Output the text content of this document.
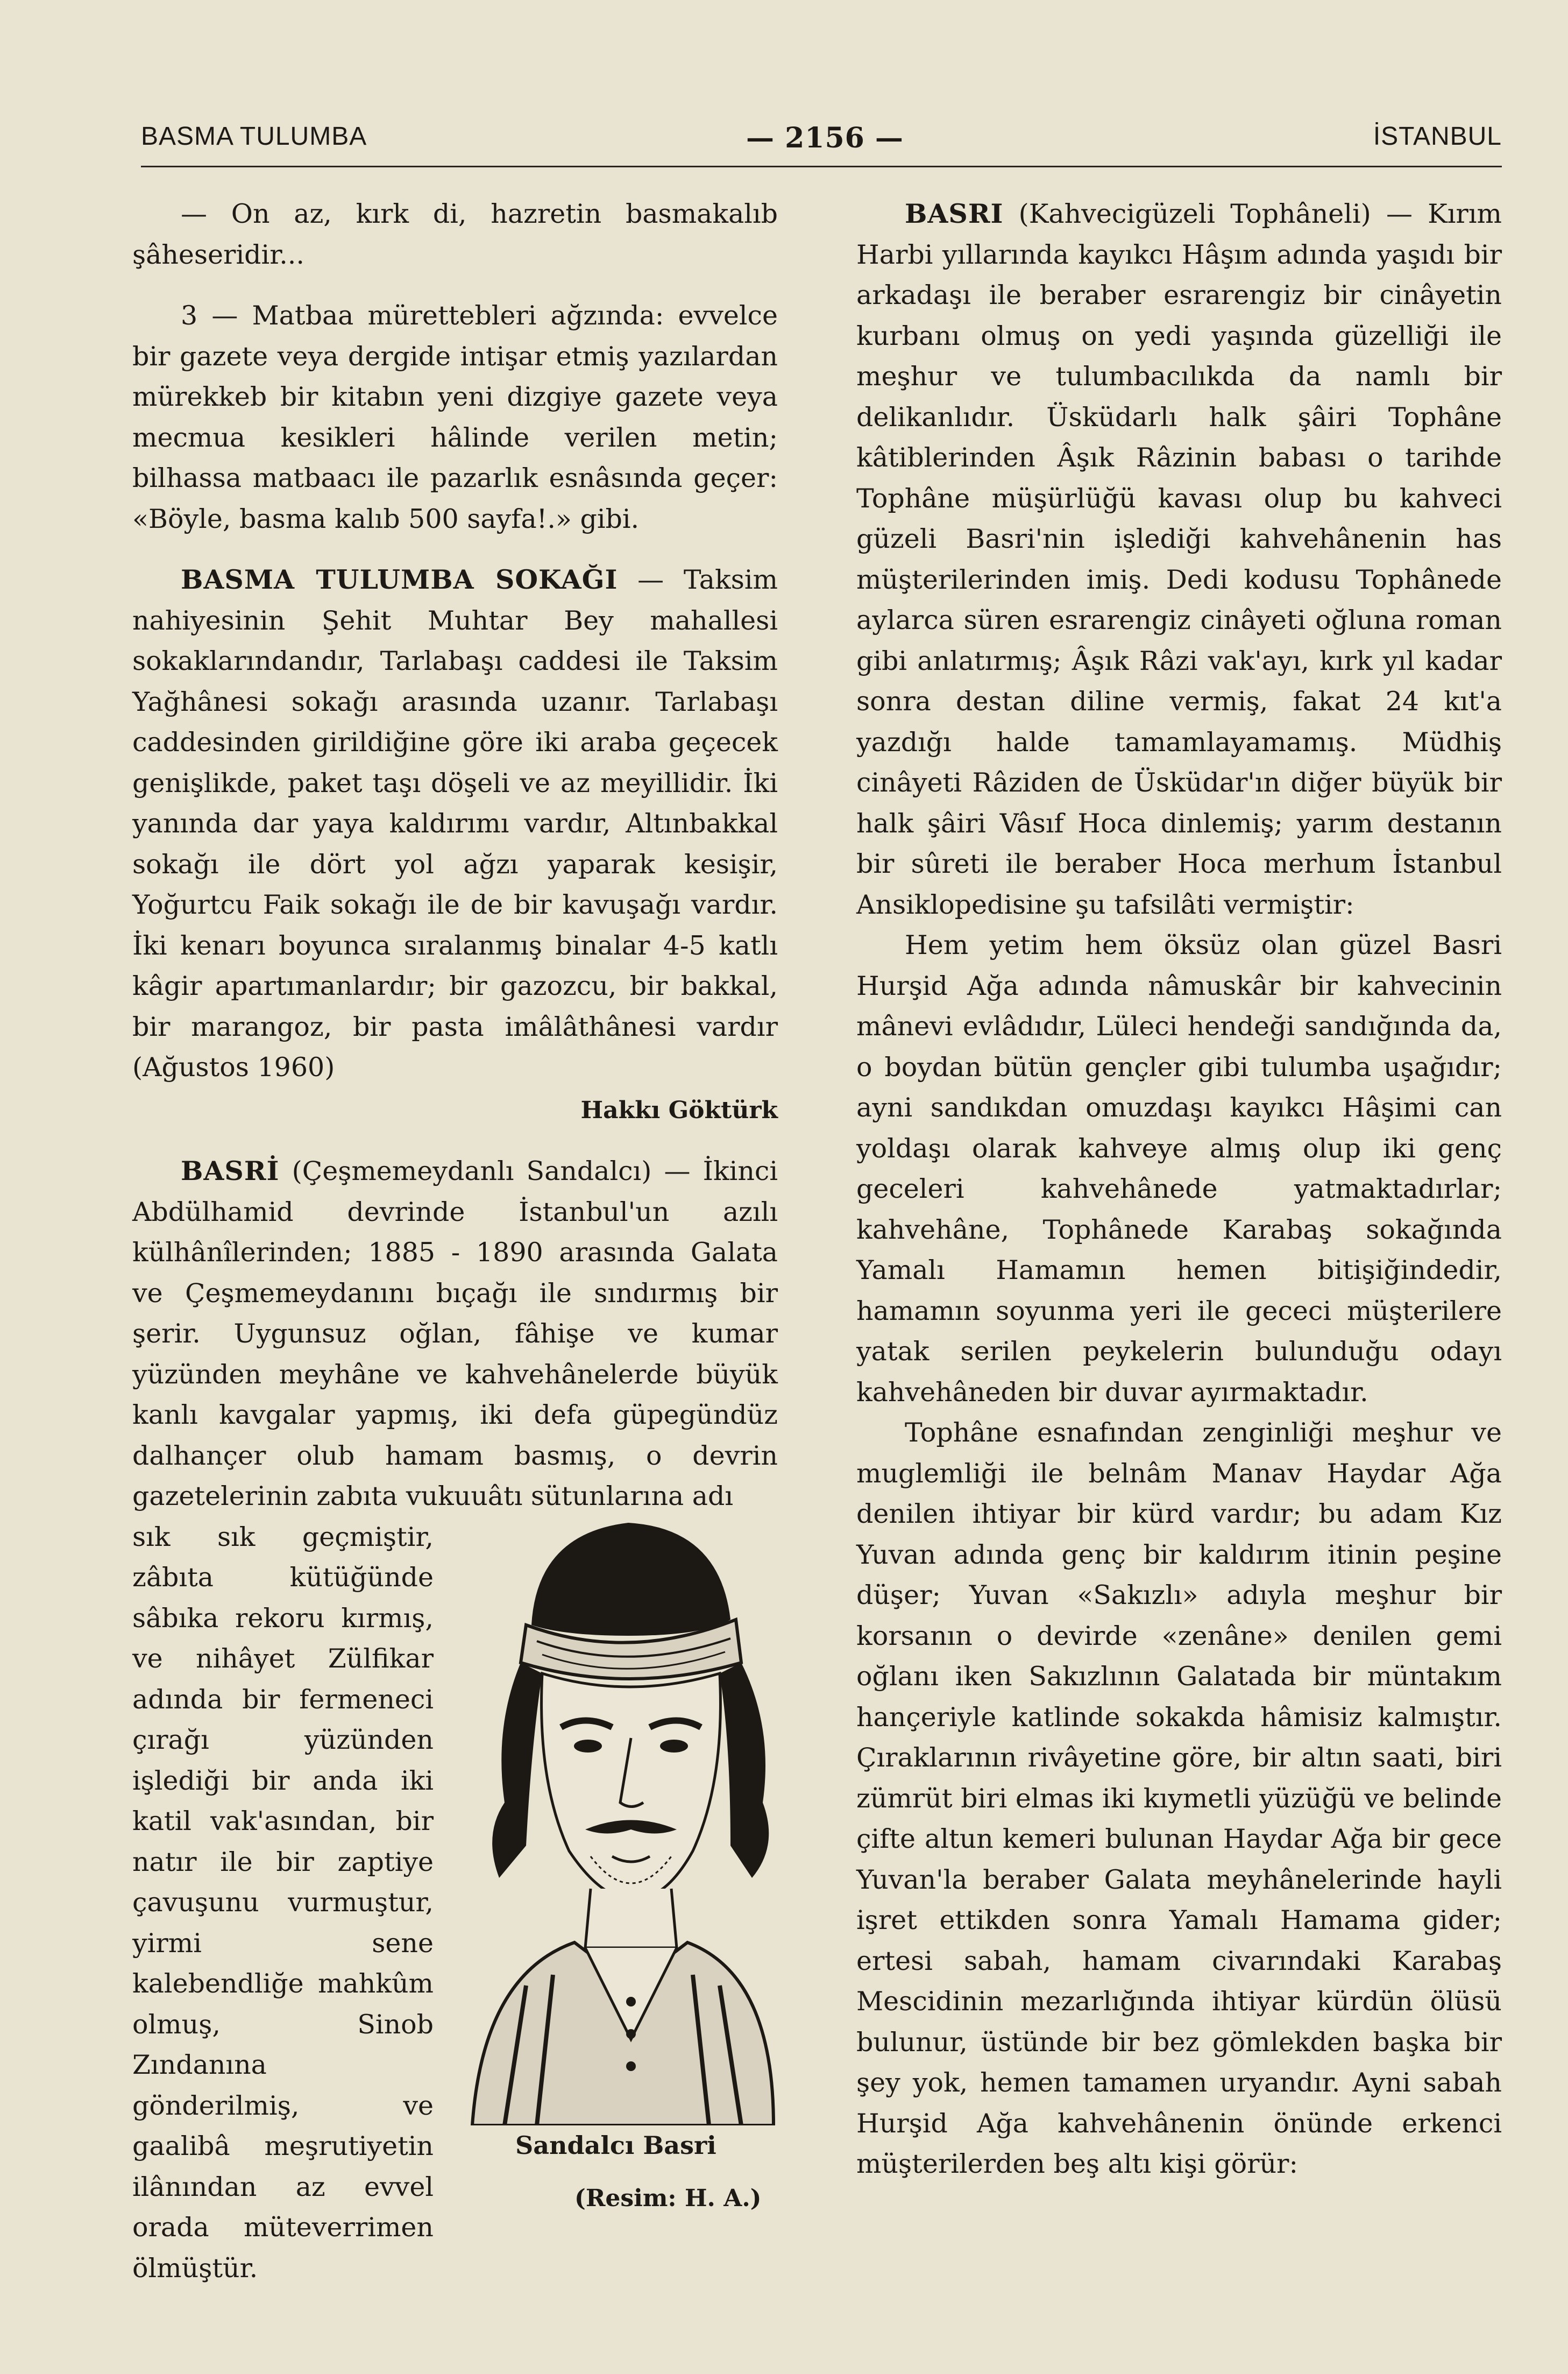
BASMA TULUMBA	— 2156 —	İSTANBUL

— On az, kırk di, hazretin basmakalıb şâheseridir...

3 — Matbaa mürettebleri ağzında: evvelce bir gazete veya dergide intişar etmiş yazılardan mürekkeb bir kitabın yeni dizgiye gazete veya mecmua kesikleri hâlinde verilen metin; bilhassa matbaacı ile pazarlık esnâsında geçer: «Böyle, basma kalıb 500 sayfa!.» gibi.

BASMA TULUMBA SOKAĞI — Taksim nahiyesinin Şehit Muhtar Bey mahallesi sokaklarındandır, Tarlabaşı caddesi ile Taksim Yağhânesi sokağı arasında uzanır. Tarlabaşı caddesinden girildiğine göre iki araba geçecek genişlikde, paket taşı döşeli ve az meyillidir. İki yanında dar yaya kaldırımı vardır, Altınbakkal sokağı ile dört yol ağzı yaparak kesişir, Yoğurtcu Faik sokağı ile de bir kavuşağı vardır. İki kenarı boyunca sıralanmış binalar 4-5 katlı kâgir apartımanlardır; bir gazozcu, bir bakkal, bir marangoz, bir pasta imâlâthânesi vardır (Ağustos 1960)

Hakkı Göktürk

BASRİ (Çeşmemeydanlı Sandalcı) — İkinci Abdülhamid devrinde İstanbul'un azılı külhânîlerinden; 1885 - 1890 arasında Galata ve Çeşmemeydanını bıçağı ile sındırmış bir şerir. Uygunsuz oğlan, fâhişe ve kumar yüzünden meyhâne ve kahvehânelerde büyük kanlı kavgalar yapmış, iki defa güpegündüz dalhançer olub hamam basmış, o devrin gazetelerinin zabıta vukuuâtı sütunlarına adı

sık sık geçmiştir, zâbıta kütüğünde sâbıka rekoru kırmış, ve nihâyet Zülfikar adında bir fermeneci çırağı yüzünden işlediği bir anda iki katil vak'asından, bir natır ile bir zaptiye çavuşunu vurmuştur, yirmi sene kalebendliğe mahkûm olmuş, Sinob Zındanına gönderilmiş, ve gaalibâ meşrutiyetin ilânından az evvel orada müteverrimen ölmüştür.

Sandalcı Basri
(Resim: H. A.)

BASRI (Kahvecigüzeli Tophâneli) — Kırım Harbi yıllarında kayıkcı Hâşım adında yaşıdı bir arkadaşı ile beraber esrarengiz bir cinâyetin kurbanı olmuş on yedi yaşında güzelliği ile meşhur ve tulumbacılıkda da namlı bir delikanlıdır. Üsküdarlı halk şâiri Tophâne kâtiblerinden Âşık Râzinin babası o tarihde Tophâne müşürlüğü kavası olup bu kahveci güzeli Basri'nin işlediği kahvehânenin has müşterilerinden imiş. Dedi kodusu Tophânede aylarca süren esrarengiz cinâyeti oğluna roman gibi anlatırmış; Âşık Râzi vak'ayı, kırk yıl kadar sonra destan diline vermiş, fakat 24 kıt'a yazdığı halde tamamlayamamış. Müdhiş cinâyeti Râziden de Üsküdar'ın diğer büyük bir halk şâiri Vâsıf Hoca dinlemiş; yarım destanın bir sûreti ile beraber Hoca merhum İstanbul Ansiklopedisine şu tafsilâti vermiştir:

Hem yetim hem öksüz olan güzel Basri Hurşid Ağa adında nâmuskâr bir kahvecinin mânevi evlâdıdır, Lüleci hendeği sandığında da, o boydan bütün gençler gibi tulumba uşağıdır; ayni sandıkdan omuzdaşı kayıkcı Hâşimi can yoldaşı olarak kahveye almış olup iki genç geceleri kahvehânede yatmaktadırlar; kahvehâne, Tophânede Karabaş sokağında Yamalı Hamamın hemen bitişiğindedir, hamamın soyunma yeri ile gececi müşterilere yatak serilen peykelerin bulunduğu odayı kahvehâneden bir duvar ayırmaktadır.

Tophâne esnafından zenginliği meşhur ve muglemliği ile belnâm Manav Haydar Ağa denilen ihtiyar bir kürd vardır; bu adam Kız Yuvan adında genç bir kaldırım itinin peşine düşer; Yuvan «Sakızlı» adıyla meşhur bir korsanın o devirde «zenâne» denilen gemi oğlanı iken Sakızlının Galatada bir müntakım hançeriyle katlinde sokakda hâmisiz kalmıştır. Çıraklarının rivâyetine göre, bir altın saati, biri zümrüt biri elmas iki kıymetli yüzüğü ve belinde çifte altun kemeri bulunan Haydar Ağa bir gece Yuvan'la beraber Galata meyhânelerinde hayli işret ettikden sonra Yamalı Hamama gider; ertesi sabah, hamam civarındaki Karabaş Mescidinin mezarlığında ihtiyar kürdün ölüsü bulunur, üstünde bir bez gömlekden başka bir şey yok, hemen tamamen uryandır. Ayni sabah Hurşid Ağa kahvehânenin önünde erkenci müşterilerden beş altı kişi görür:
